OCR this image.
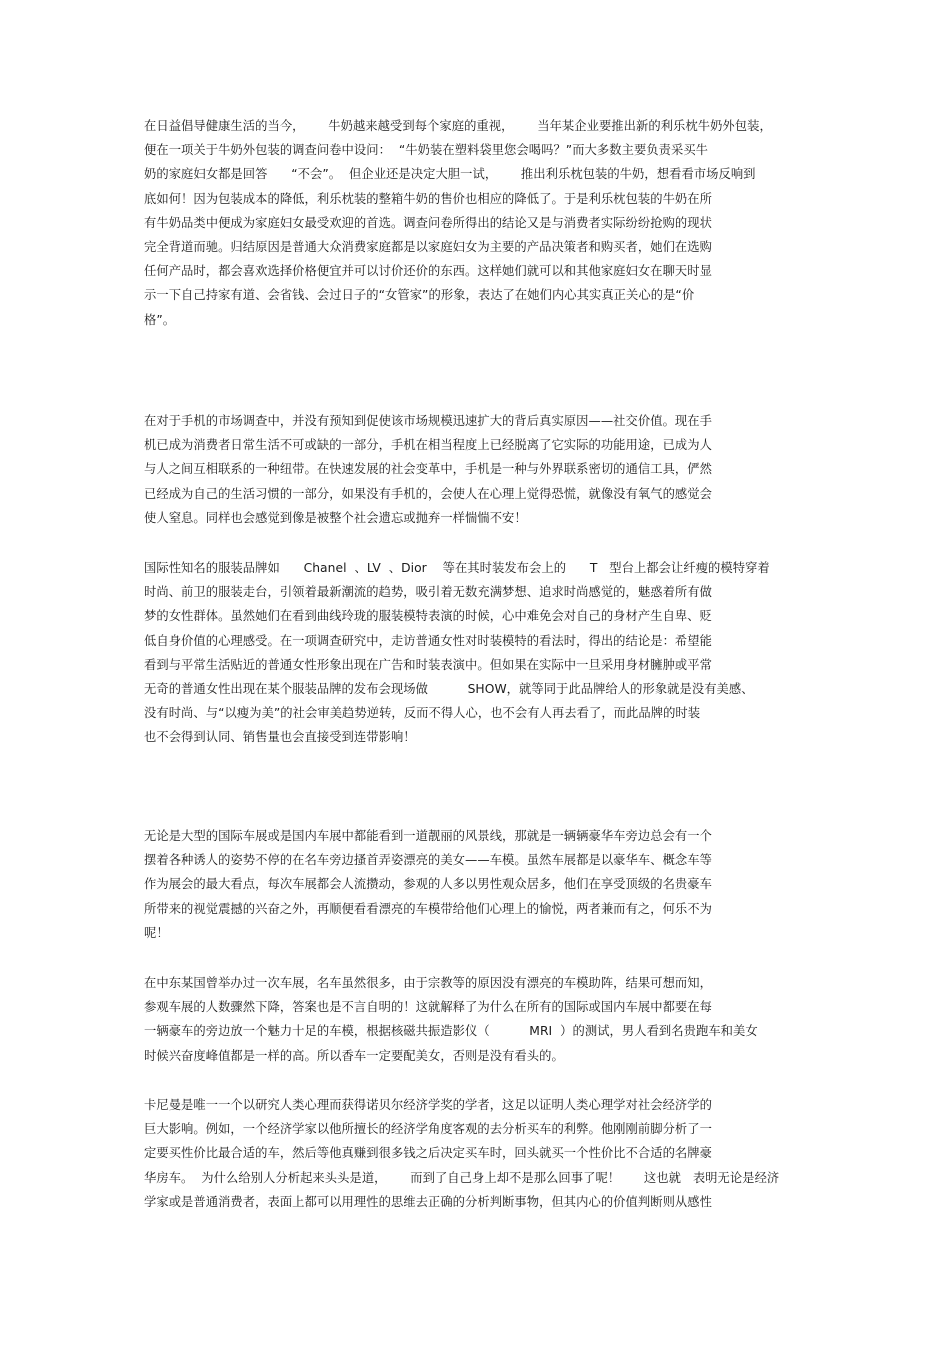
在日益倡导健康生活的当今，      牛奶越来越受到每个家庭的重视，      当年某企业要推出新的利乐枕牛奶外包装，
便在一项关于牛奶外包装的调查问卷中设问：  “牛奶装在塑料袋里您会喝吗？”而大多数主要负责采买牛
奶的家庭妇女都是回答      “不会”。  但企业还是决定大胆一试，      推出利乐枕包装的牛奶，想看看市场反响到
底如何！因为包装成本的降低，利乐枕装的整箱牛奶的售价也相应的降低了。于是利乐枕包装的牛奶在所
有牛奶品类中便成为家庭妇女最受欢迎的首选。调查问卷所得出的结论又是与消费者实际纷纷抢购的现状
完全背道而驰。归结原因是普通大众消费家庭都是以家庭妇女为主要的产品决策者和购买者，她们在选购
任何产品时，都会喜欢选择价格便宜并可以讨价还价的东西。这样她们就可以和其他家庭妇女在聊天时显
示一下自己持家有道、会省钱、会过日子的“女管家”的形象，表达了在她们内心其实真正关心的是“价
格”。
在对于手机的市场调查中，并没有预知到促使该市场规模迅速扩大的背后真实原因——社交价值。现在手
机已成为消费者日常生活不可或缺的一部分，手机在相当程度上已经脱离了它实际的功能用途，已成为人
与人之间互相联系的一种纽带。在快速发展的社会变革中，手机是一种与外界联系密切的通信工具，俨然
已经成为自己的生活习惯的一部分，如果没有手机的，会使人在心理上觉得恐慌，就像没有氧气的感觉会
使人窒息。同样也会感觉到像是被整个社会遗忘或抛弃一样惴惴不安！
国际性知名的服装品牌如      Chanel  、LV  、Dior    等在其时装发布会上的      T   型台上都会让纤瘦的模特穿着
时尚、前卫的服装走台，引领着最新潮流的趋势，吸引着无数充满梦想、追求时尚感觉的，魅惑着所有做
梦的女性群体。虽然她们在看到曲线玲珑的服装模特表演的时候，心中难免会对自己的身材产生自卑、贬
低自身价值的心理感受。在一项调查研究中，走访普通女性对时装模特的看法时，得出的结论是：希望能
看到与平常生活贴近的普通女性形象出现在广告和时装表演中。但如果在实际中一旦采用身材臃肿或平常
无奇的普通女性出现在某个服装品牌的发布会现场做          SHOW，就等同于此品牌给人的形象就是没有美感、
没有时尚、与“以瘦为美”的社会审美趋势逆转，反而不得人心，也不会有人再去看了，而此品牌的时装
也不会得到认同、销售量也会直接受到连带影响！
无论是大型的国际车展或是国内车展中都能看到一道靓丽的风景线，那就是一辆辆豪华车旁边总会有一个
摆着各种诱人的姿势不停的在名车旁边搔首弄姿漂亮的美女——车模。虽然车展都是以豪华车、概念车等
作为展会的最大看点，每次车展都会人流攒动，参观的人多以男性观众居多，他们在享受顶级的名贵豪车
所带来的视觉震撼的兴奋之外，再顺便看看漂亮的车模带给他们心理上的愉悦，两者兼而有之，何乐不为
呢！
在中东某国曾举办过一次车展，名车虽然很多，由于宗教等的原因没有漂亮的车模助阵，结果可想而知，
参观车展的人数骤然下降，答案也是不言自明的！这就解释了为什么在所有的国际或国内车展中都要在每
一辆豪车的旁边放一个魅力十足的车模，根据核磁共振造影仪（          MRI  ）的测试，男人看到名贵跑车和美女
时候兴奋度峰值都是一样的高。所以香车一定要配美女，否则是没有看头的。
卡尼曼是唯一一个以研究人类心理而获得诺贝尔经济学奖的学者，这足以证明人类心理学对社会经济学的
巨大影响。例如，一个经济学家以他所擅长的经济学角度客观的去分析买车的利弊。他刚刚前脚分析了一
定要买性价比最合适的车，然后等他真赚到很多钱之后决定买车时，回头就买一个性价比不合适的名牌豪
华房车。  为什么给别人分析起来头头是道，      而到了自己身上却不是那么回事了呢！      这也就   表明无论是经济
学家或是普通消费者，表面上都可以用理性的思维去正确的分析判断事物，但其内心的价值判断则从感性
